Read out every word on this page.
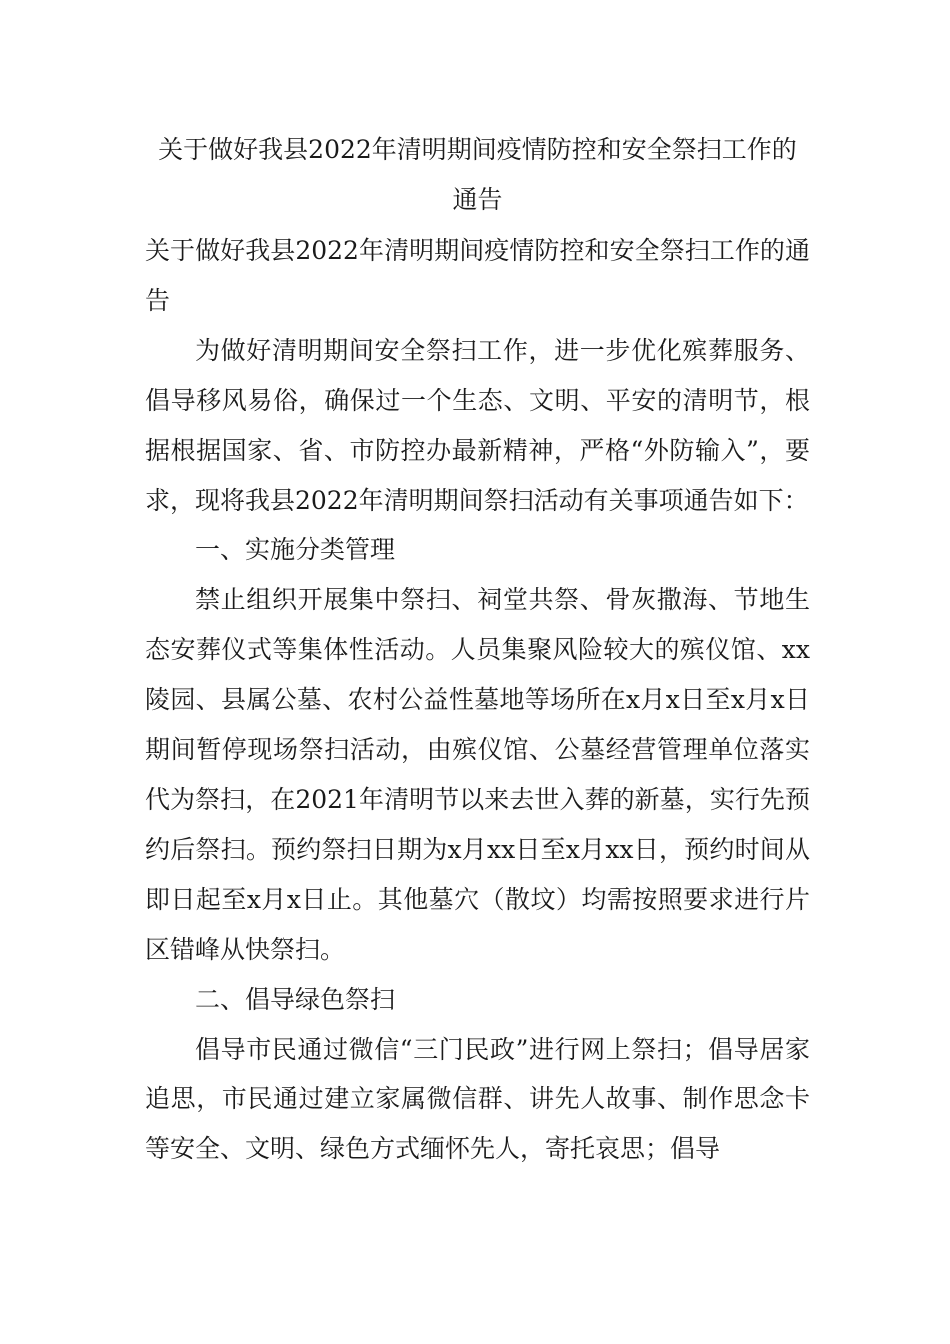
关于做好我县2022年清明期间疫情防控和安全祭扫工作的
通告

关于做好我县2022年清明期间疫情防控和安全祭扫工作的通告

为做好清明期间安全祭扫工作，进一步优化殡葬服务、倡导移风易俗，确保过一个生态、文明、平安的清明节，根据根据国家、省、市防控办最新精神，严格“外防输入”，要求，现将我县2022年清明期间祭扫活动有关事项通告如下：

一、实施分类管理

禁止组织开展集中祭扫、祠堂共祭、骨灰撒海、节地生态安葬仪式等集体性活动。人员集聚风险较大的殡仪馆、xx陵园、县属公墓、农村公益性墓地等场所在x月x日至x月x日期间暂停现场祭扫活动，由殡仪馆、公墓经营管理单位落实代为祭扫，在2021年清明节以来去世入葬的新墓，实行先预约后祭扫。预约祭扫日期为x月xx日至x月xx日，预约时间从即日起至x月x日止。其他墓穴（散坟）均需按照要求进行片区错峰从快祭扫。

二、倡导绿色祭扫

倡导市民通过微信“三门民政”进行网上祭扫；倡导居家追思，市民通过建立家属微信群、讲先人故事、制作思念卡等安全、文明、绿色方式缅怀先人，寄托哀思；倡导
